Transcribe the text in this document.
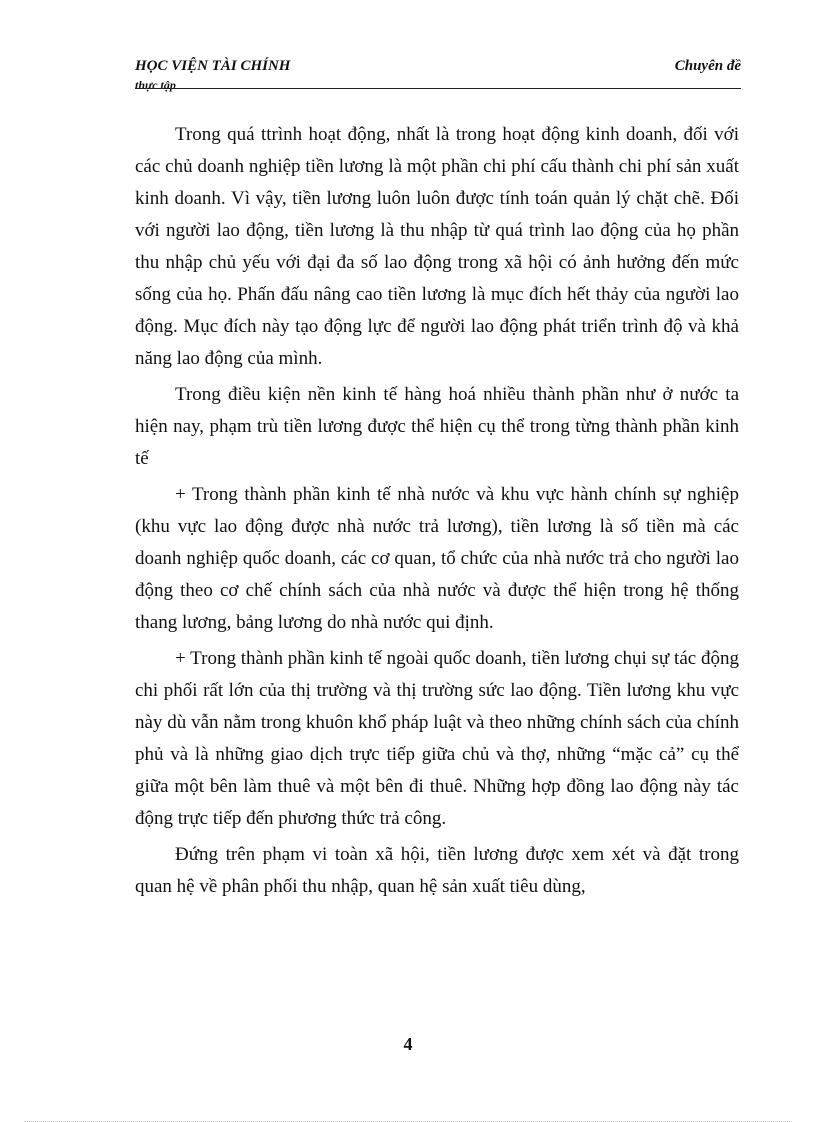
HỌC VIỆN TÀI CHÍNH	Chuyên đề
thực tập

Trong quá ttrình hoạt động, nhất là trong hoạt động kinh doanh, đối với các chủ doanh nghiệp tiền lương là một phần chi phí cấu thành chi phí sản xuất kinh doanh. Vì vậy, tiền lương luôn luôn được tính toán quản lý chặt chẽ. Đối với người lao động, tiền lương là thu nhập từ quá trình lao động của họ phần thu nhập chủ yếu với đại đa số lao động trong xã hội có ảnh hưởng đến mức sống của họ. Phấn đấu nâng cao tiền lương là mục đích hết thảy của người lao động. Mục đích này tạo động lực để người lao động phát triển trình độ và khả năng lao động của mình.

Trong điều kiện nền kinh tế hàng hoá nhiều thành phần như ở nước ta hiện nay, phạm trù tiền lương được thể hiện cụ thể trong từng thành phần kinh tế

+ Trong thành phần kinh tế nhà nước và khu vực hành chính sự nghiệp (khu vực lao động được nhà nước trả lương), tiền lương là số tiền mà các doanh nghiệp quốc doanh, các cơ quan, tổ chức của nhà nước trả cho người lao động theo cơ chế chính sách của nhà nước và được thể hiện trong hệ thống thang lương, bảng lương do nhà nước qui định.

+ Trong thành phần kinh tế ngoài quốc doanh, tiền lương chụi sự tác động chi phối rất lớn của thị trường và thị trường sức lao động. Tiền lương khu vực này dù vẫn nằm trong khuôn khổ pháp luật và theo những chính sách của chính phủ và là những giao dịch trực tiếp giữa chủ và thợ, những “mặc cả” cụ thể giữa một bên làm thuê và một bên đi thuê. Những hợp đồng lao động này tác động trực tiếp đến phương thức trả công.

Đứng trên phạm vi toàn xã hội, tiền lương được xem xét và đặt trong quan hệ về phân phối thu nhập, quan hệ sản xuất tiêu dùng,

4
